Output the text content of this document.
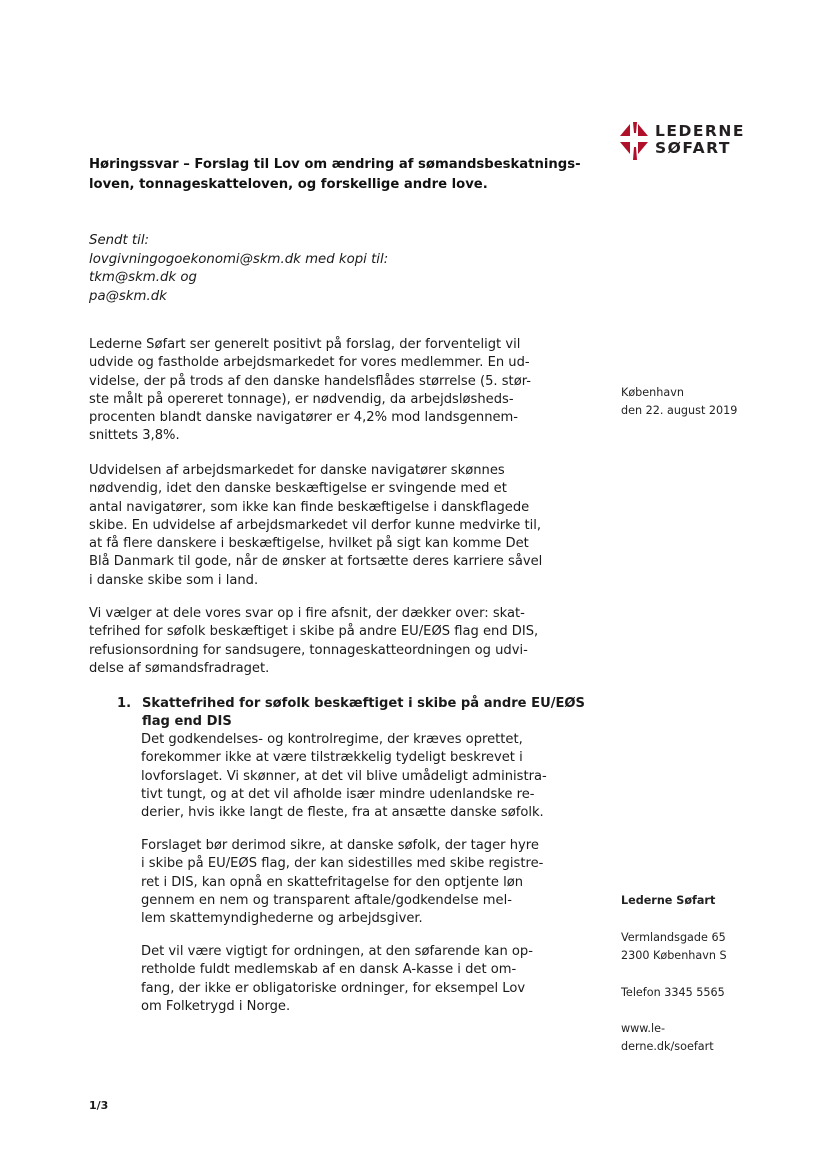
LEDERNE
SØFART
Høringssvar – Forslag til Lov om ændring af sømandsbeskatnings-
loven, tonnageskatteloven, og forskellige andre love.
Sendt til:
lovgivningogoekonomi@skm.dk med kopi til:
tkm@skm.dk og
pa@skm.dk
Lederne Søfart ser generelt positivt på forslag, der forventeligt vil
udvide og fastholde arbejdsmarkedet for vores medlemmer. En ud-
videlse, der på trods af den danske handelsflådes størrelse (5. stør-
ste målt på opereret tonnage), er nødvendig, da arbejdsløsheds-
procenten blandt danske navigatører er 4,2% mod landsgennem-
snittets 3,8%.
Udvidelsen af arbejdsmarkedet for danske navigatører skønnes
nødvendig, idet den danske beskæftigelse er svingende med et
antal navigatører, som ikke kan finde beskæftigelse i danskflagede
skibe. En udvidelse af arbejdsmarkedet vil derfor kunne medvirke til,
at få flere danskere i beskæftigelse, hvilket på sigt kan komme Det
Blå Danmark til gode, når de ønsker at fortsætte deres karriere såvel
i danske skibe som i land.
Vi vælger at dele vores svar op i fire afsnit, der dækker over: skat-
tefrihed for søfolk beskæftiget i skibe på andre EU/EØS flag end DIS,
refusionsordning for sandsugere, tonnageskatteordningen og udvi-
delse af sømandsfradraget.
1. Skattefrihed for søfolk beskæftiget i skibe på andre EU/EØS
flag end DIS
Det godkendelses- og kontrolregime, der kræves oprettet,
forekommer ikke at være tilstrækkelig tydeligt beskrevet i
lovforslaget. Vi skønner, at det vil blive umådeligt administra-
tivt tungt, og at det vil afholde især mindre udenlandske re-
derier, hvis ikke langt de fleste, fra at ansætte danske søfolk.
Forslaget bør derimod sikre, at danske søfolk, der tager hyre
i skibe på EU/EØS flag, der kan sidestilles med skibe registre-
ret i DIS, kan opnå en skattefritagelse for den optjente løn
gennem en nem og transparent aftale/godkendelse mel-
lem skattemyndighederne og arbejdsgiver.
Det vil være vigtigt for ordningen, at den søfarende kan op-
retholde fuldt medlemskab af en dansk A-kasse i det om-
fang, der ikke er obligatoriske ordninger, for eksempel Lov
om Folketrygd i Norge.
København
den 22. august 2019
Lederne Søfart
Vermlandsgade 65
2300 København S
Telefon 3345 5565
www.le-
derne.dk/soefart
1/3
